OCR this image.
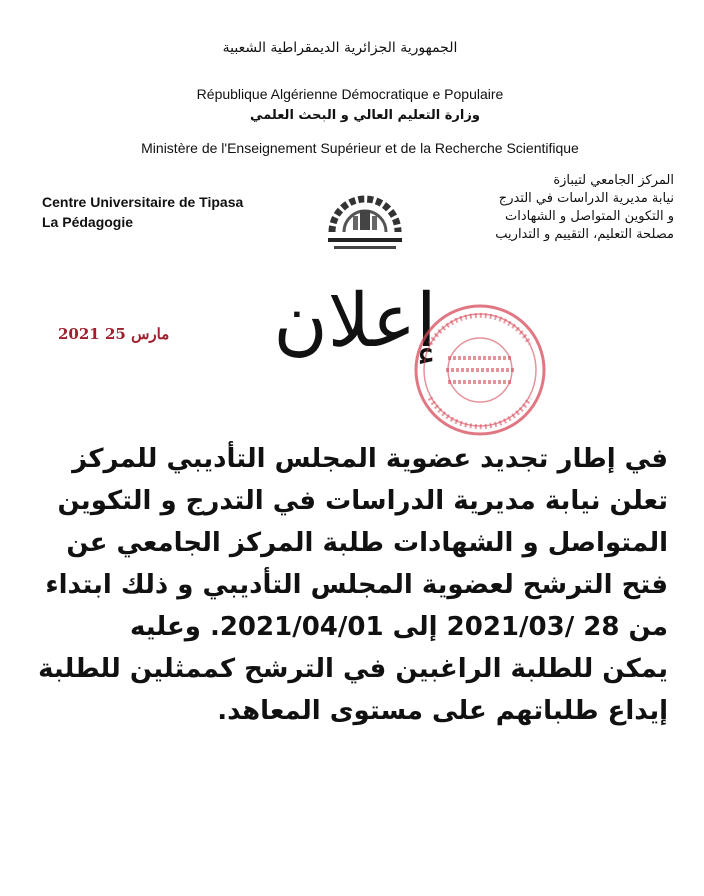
الجمهورية الجزائرية الديمقراطية الشعبية
République Algérienne Démocratique e Populaire
وزارة التعليم العالي و البحث العلمي
Ministère de l'Enseignement Supérieur et de la Recherche Scientifique
Centre Universitaire de Tipasa
La Pédagogie
المركز الجامعي لتيبازة
نيابة مديرية الدراسات في التدرج
و التكوين المتواصل و الشهادات
مصلحة التعليم، التقييم و التداريب
2021 مارس 25	إعلان
في إطار تجديد عضوية المجلس التأديبي للمركز
تعلن نيابة مديرية الدراسات في التدرج و التكوين
المتواصل و الشهادات طلبة المركز الجامعي عن
فتح الترشح لعضوية المجلس التأديبي و ذلك ابتداء
من 28 /2021/03 إلى 2021/04/01. وعليه
يمكن للطلبة الراغبين في الترشح كممثلين للطلبة
إيداع طلباتهم على مستوى المعاهد.
